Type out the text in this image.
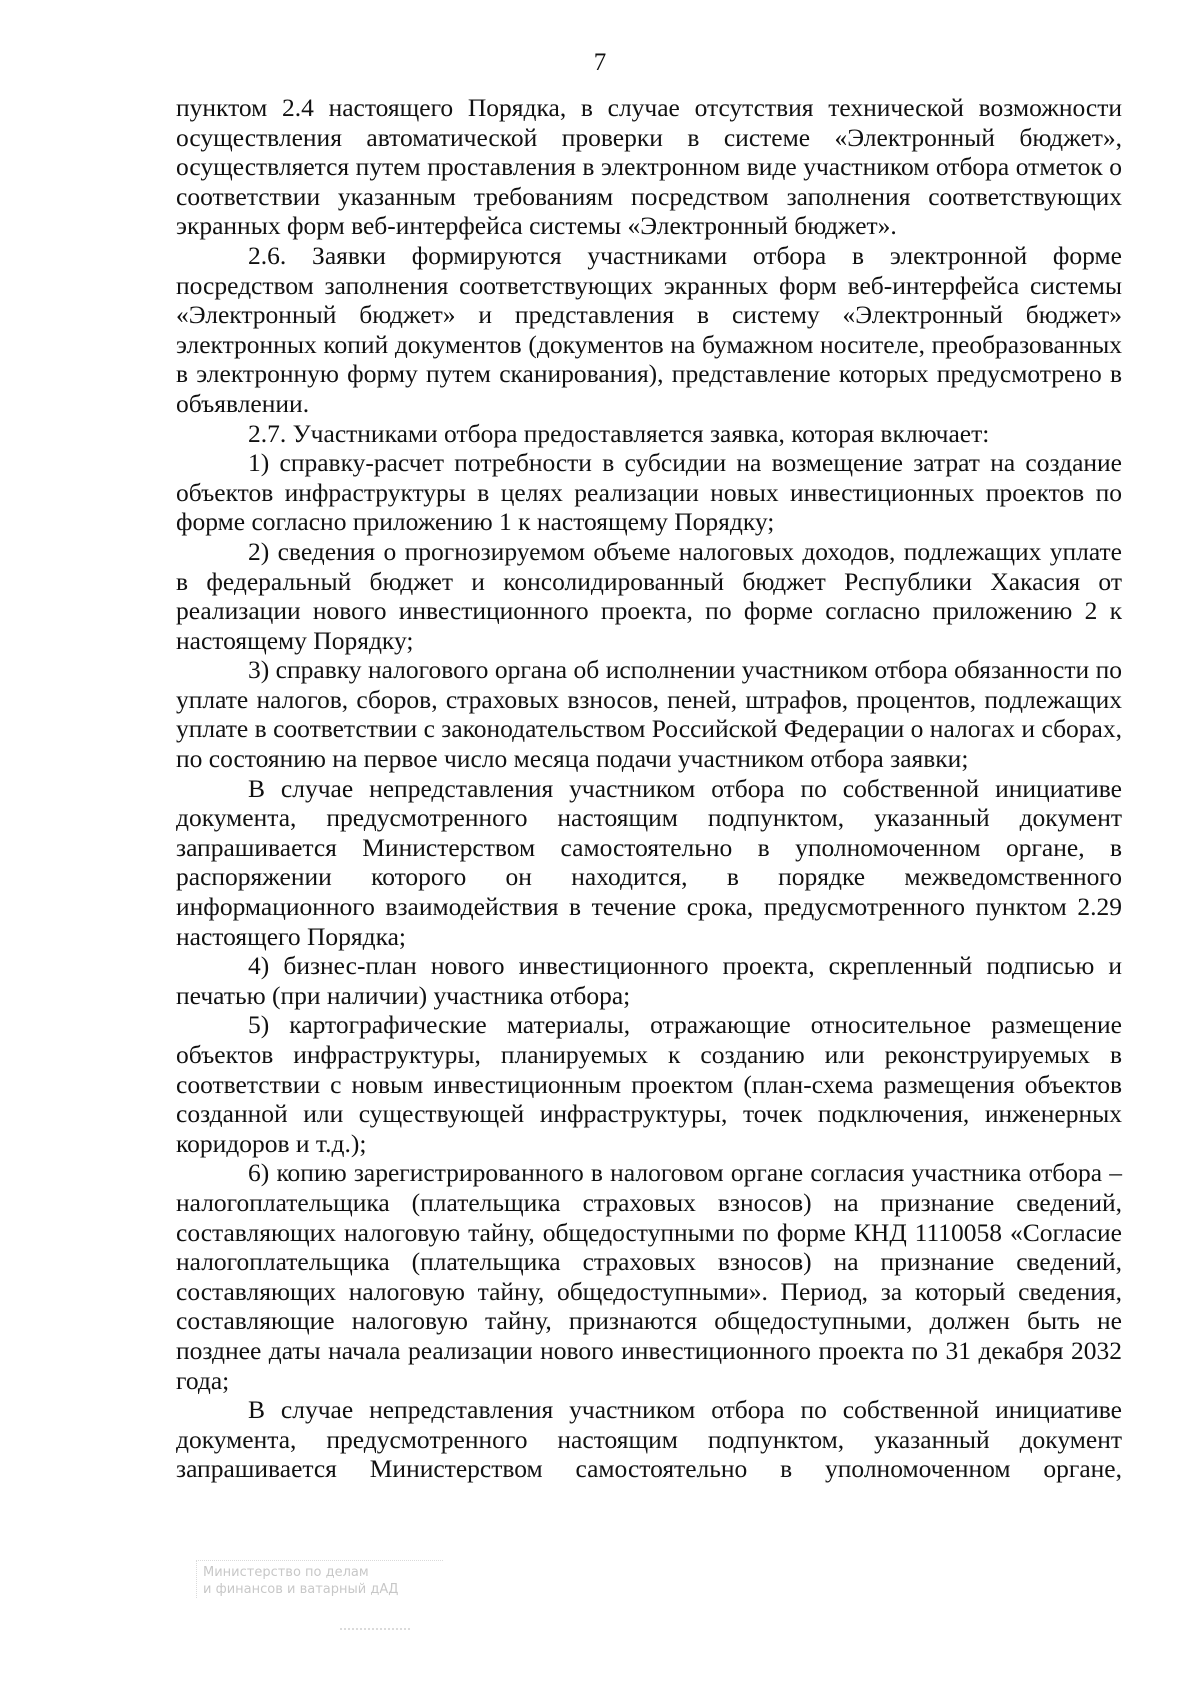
7

пунктом 2.4 настоящего Порядка, в случае отсутствия технической возможности осуществления автоматической проверки в системе «Электронный бюджет», осуществляется путем проставления в электронном виде участником отбора отметок о соответствии указанным требованиям посредством заполнения соответствующих экранных форм веб-интерфейса системы «Электронный бюджет».

2.6. Заявки формируются участниками отбора в электронной форме посредством заполнения соответствующих экранных форм веб-интерфейса системы «Электронный бюджет» и представления в систему «Электронный бюджет» электронных копий документов (документов на бумажном носителе, преобразованных в электронную форму путем сканирования), представление которых предусмотрено в объявлении.

2.7. Участниками отбора предоставляется заявка, которая включает:

1) справку-расчет потребности в субсидии на возмещение затрат на создание объектов инфраструктуры в целях реализации новых инвестиционных проектов по форме согласно приложению 1 к настоящему Порядку;

2) сведения о прогнозируемом объеме налоговых доходов, подлежащих уплате в федеральный бюджет и консолидированный бюджет Республики Хакасия от реализации нового инвестиционного проекта, по форме согласно приложению 2 к настоящему Порядку;

3) справку налогового органа об исполнении участником отбора обязанности по уплате налогов, сборов, страховых взносов, пеней, штрафов, процентов, подлежащих уплате в соответствии с законодательством Российской Федерации о налогах и сборах, по состоянию на первое число месяца подачи участником отбора заявки;

В случае непредставления участником отбора по собственной инициативе документа, предусмотренного настоящим подпунктом, указанный документ запрашивается Министерством самостоятельно в уполномоченном органе, в распоряжении которого он находится, в порядке межведомственного информационного взаимодействия в течение срока, предусмотренного пунктом 2.29 настоящего Порядка;

4) бизнес-план нового инвестиционного проекта, скрепленный подписью и печатью (при наличии) участника отбора;

5) картографические материалы, отражающие относительное размещение объектов инфраструктуры, планируемых к созданию или реконструируемых в соответствии с новым инвестиционным проектом (план-схема размещения объектов созданной или существующей инфраструктуры, точек подключения, инженерных коридоров и т.д.);

6) копию зарегистрированного в налоговом органе согласия участника отбора – налогоплательщика (плательщика страховых взносов) на признание сведений, составляющих налоговую тайну, общедоступными по форме КНД 1110058 «Согласие налогоплательщика (плательщика страховых взносов) на признание сведений, составляющих налоговую тайну, общедоступными». Период, за который сведения, составляющие налоговую тайну, признаются общедоступными, должен быть не позднее даты начала реализации нового инвестиционного проекта по 31 декабря 2032 года;

В случае непредставления участником отбора по собственной инициативе документа, предусмотренного настоящим подпунктом, указанный документ запрашивается Министерством самостоятельно в уполномоченном органе,

Министерство по делам
и финансов и ватарный дАД
